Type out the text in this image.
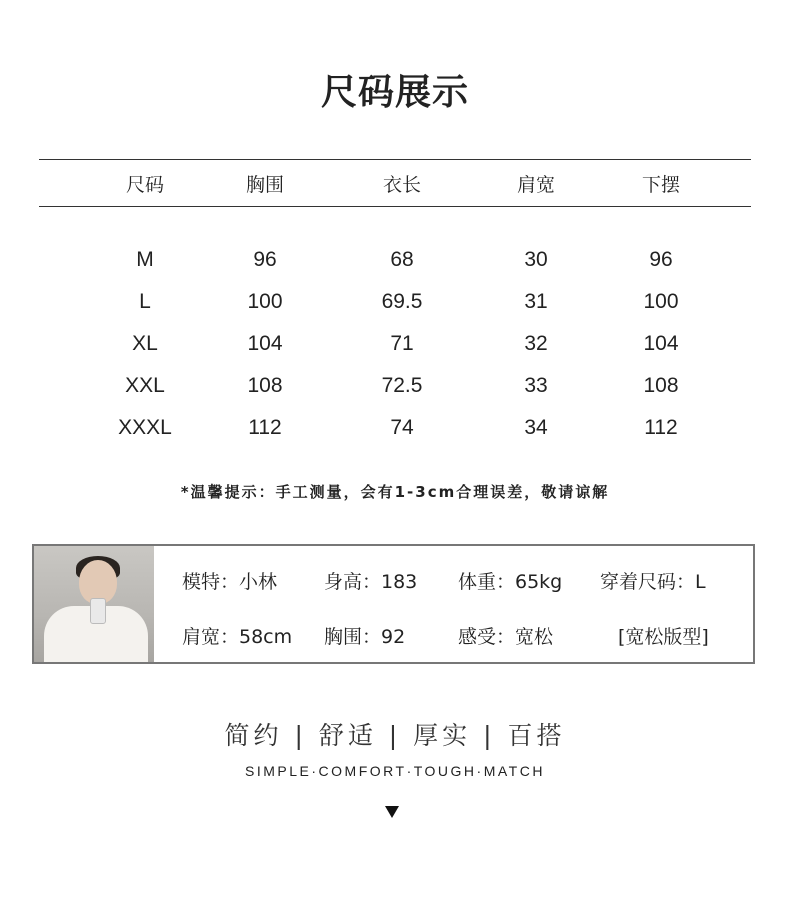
尺码展示
尺码	胸围	衣长	肩宽	下摆
M	96	68	30	96
L	100	69.5	31	100
XL	104	71	32	104
XXL	108	72.5	33	108
XXXL	112	74	34	112
*温馨提示：手工测量，会有1-3cm合理误差，敬请谅解
模特：小林 身高：183 体重：65kg 穿着尺码：L
肩宽：58cm 胸围：92	感受：宽松	[宽松版型]
简约 | 舒适 | 厚实 | 百搭
SIMPLE·COMFORT·TOUGH·MATCH
